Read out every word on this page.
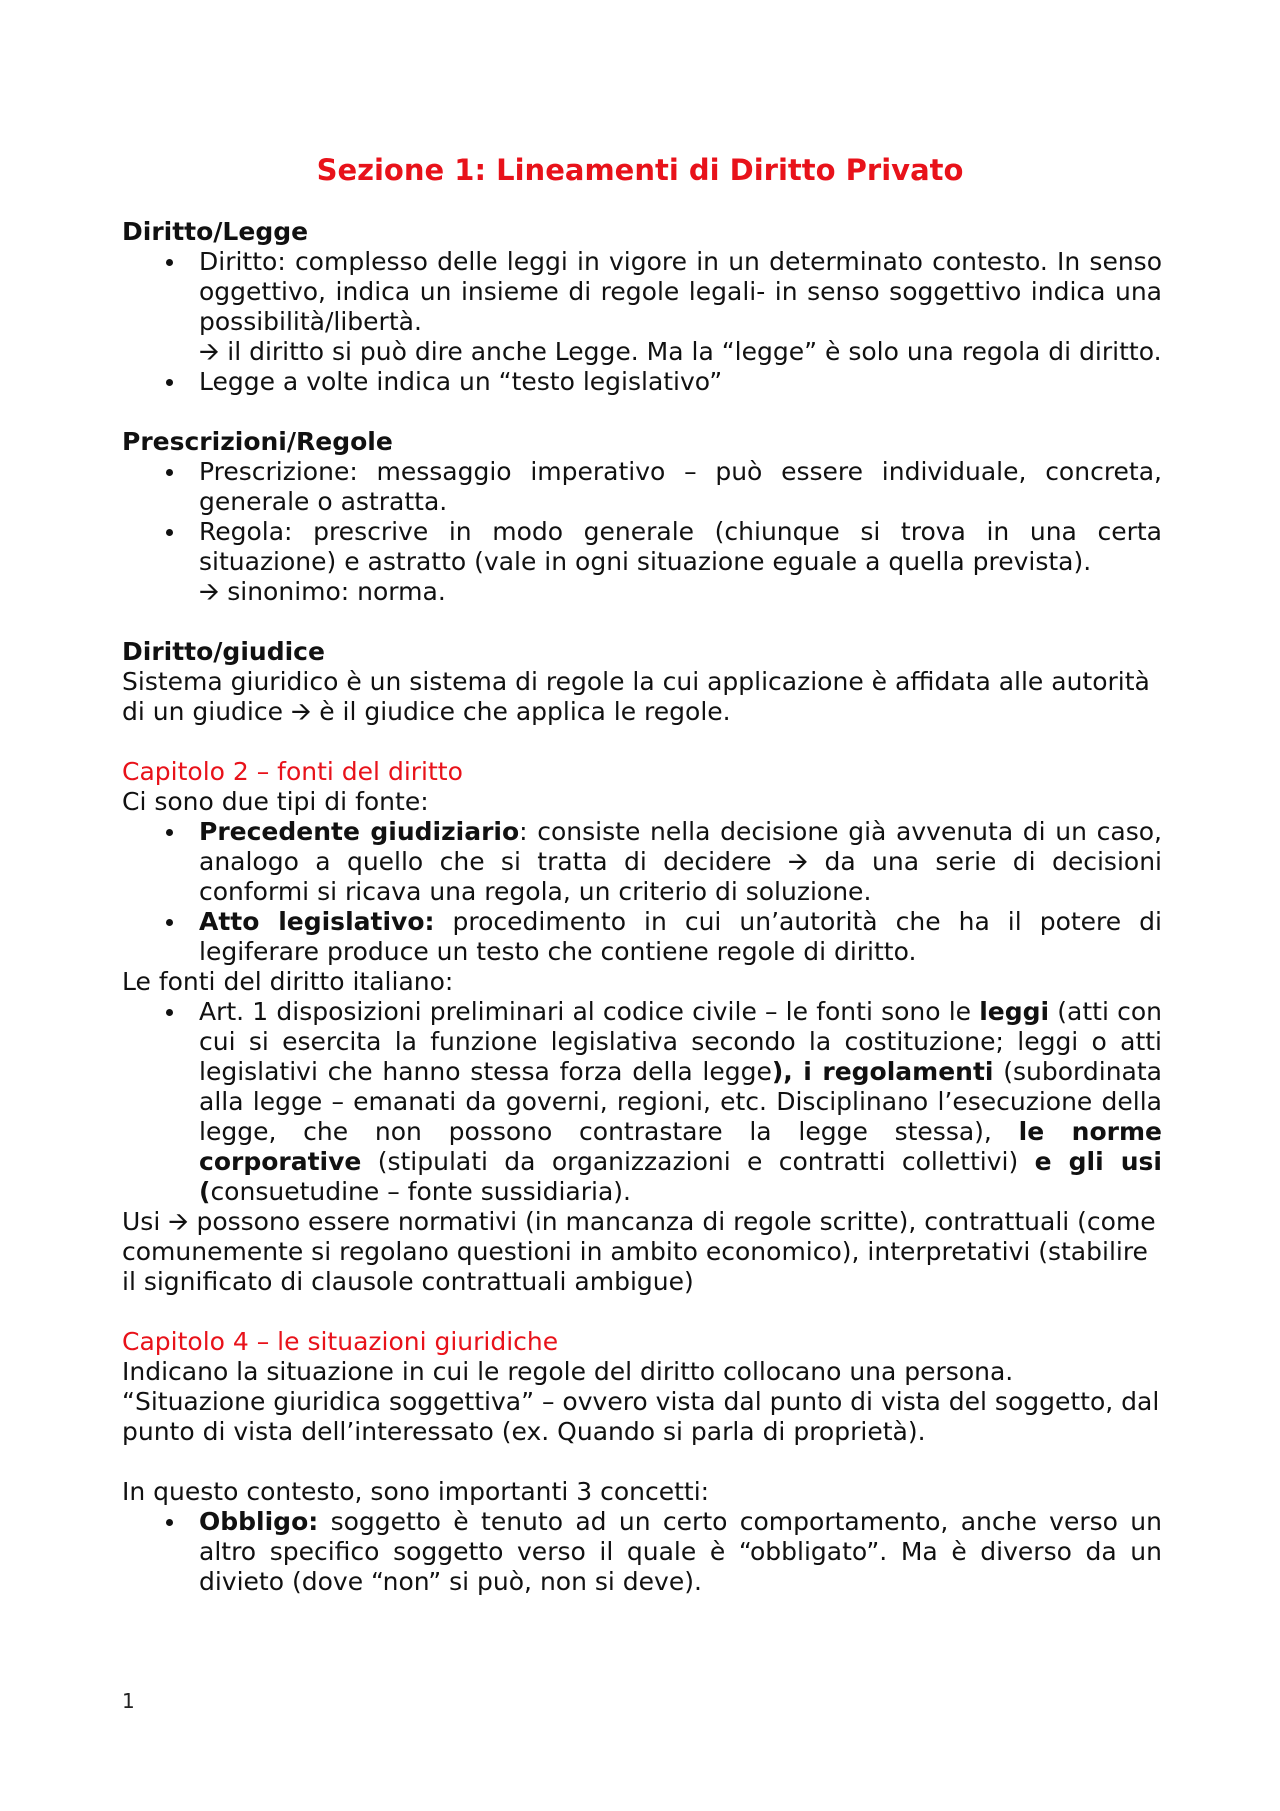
Sezione 1: Lineamenti di Diritto Privato

Diritto/Legge

Diritto: complesso delle leggi in vigore in un determinato contesto. In senso oggettivo, indica un insieme di regole legali- in senso soggettivo indica una possibilità/libertà.
🡪 il diritto si può dire anche Legge. Ma la “legge” è solo una regola di diritto.
Legge a volte indica un “testo legislativo”

Prescrizioni/Regole

Prescrizione: messaggio imperativo – può essere individuale, concreta, generale o astratta.
Regola: prescrive in modo generale (chiunque si trova in una certa situazione) e astratto (vale in ogni situazione eguale a quella prevista).
🡪 sinonimo: norma.

Diritto/giudice

Sistema giuridico è un sistema di regole la cui applicazione è affidata alle autorità di un giudice 🡪 è il giudice che applica le regole.

Capitolo 2 – fonti del diritto

Ci sono due tipi di fonte:

Precedente giudiziario: consiste nella decisione già avvenuta di un caso, analogo a quello che si tratta di decidere 🡪 da una serie di decisioni conformi si ricava una regola, un criterio di soluzione.
Atto legislativo: procedimento in cui un’autorità che ha il potere di legiferare produce un testo che contiene regole di diritto.

Le fonti del diritto italiano:

Art. 1 disposizioni preliminari al codice civile – le fonti sono le leggi (atti con cui si esercita la funzione legislativa secondo la costituzione; leggi o atti legislativi che hanno stessa forza della legge), i regolamenti (subordinata alla legge – emanati da governi, regioni, etc. Disciplinano l’esecuzione della legge, che non possono contrastare la legge stessa), le norme corporative (stipulati da organizzazioni e contratti collettivi) e gli usi (consuetudine – fonte sussidiaria).

Usi 🡪 possono essere normativi (in mancanza di regole scritte), contrattuali (come comunemente si regolano questioni in ambito economico), interpretativi (stabilire il significato di clausole contrattuali ambigue)

Capitolo 4 – le situazioni giuridiche

Indicano la situazione in cui le regole del diritto collocano una persona. “Situazione giuridica soggettiva” – ovvero vista dal punto di vista del soggetto, dal punto di vista dell’interessato (ex. Quando si parla di proprietà).

In questo contesto, sono importanti 3 concetti:

Obbligo: soggetto è tenuto ad un certo comportamento, anche verso un altro specifico soggetto verso il quale è “obbligato”. Ma è diverso da un divieto (dove “non” si può, non si deve).
1
